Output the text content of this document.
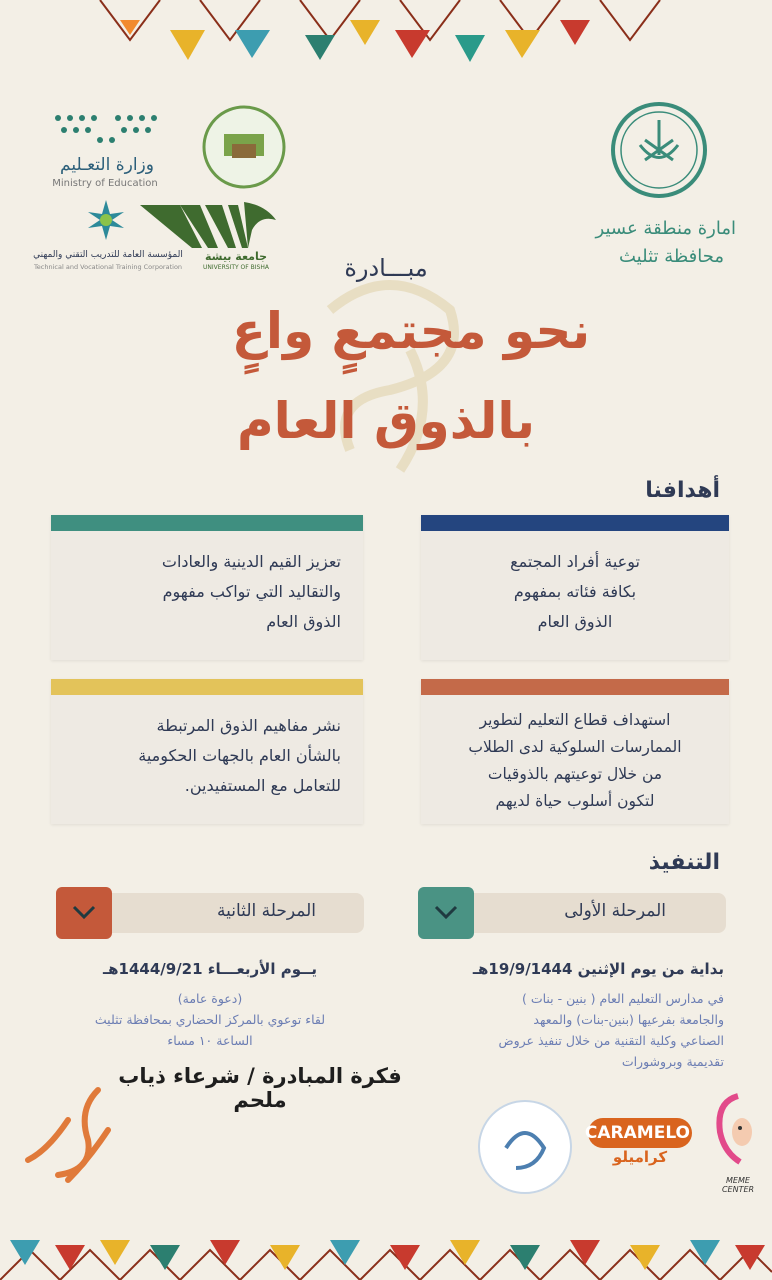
امارة منطقة عسير
محافظة تثليث
وزارة التعـليم
Ministry of Education
المؤسسة العامة للتدريب التقني والمهني
Technical and Vocational Training Corporation
جامعة بيشة
UNIVERSITY OF BISHA	مبـــادرة
نحو مجتمعٍ واعٍ
بالذوق العام
أهدافنا
توعية أفراد المجتمع
بكافة فئاته بمفهوم
الذوق العام
تعزيز القيم الدينية والعادات
والتقاليد التي تواكب مفهوم
الذوق العام
استهداف قطاع التعليم لتطوير
الممارسات السلوكية لدى الطلاب
من خلال توعيتهم بالذوقيات
لتكون أسلوب حياة لديهم
نشر مفاهيم الذوق المرتبطة
بالشأن العام بالجهات الحكومية
للتعامل مع المستفيدين.
التنفيذ
المرحلة الأولى
المرحلة الثانية
بداية من يوم الإثنين 19/9/1444هـ
في مدارس التعليم العام ( بنين - بنات )
والجامعة بفرعيها (بنين-بنات) والمعهد
الصناعي وكلية التقنية من خلال تنفيذ عروض
تقديمية وبروشورات
يــوم الأربعـــاء 1444/9/21هـ
(دعوة عامة)
لقاء توعوي بالمركز الحضاري بمحافظة تثليث
الساعة ١٠ مساء
فكرة المبادرة / شرعاء ذياب ملحم
CARAMELO
كراميلو
MEME CENTER
